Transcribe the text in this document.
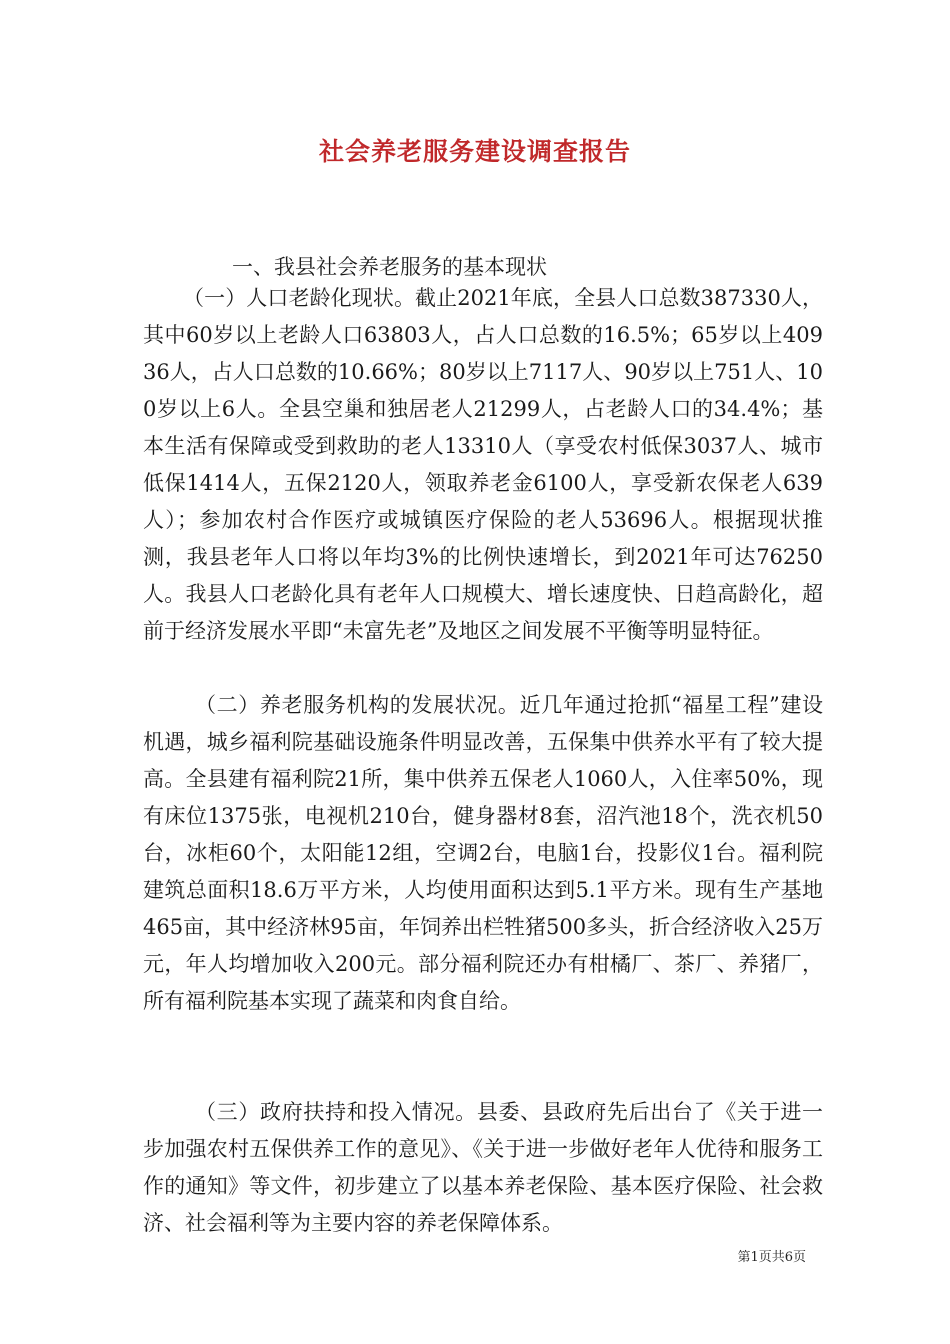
社会养老服务建设调查报告
一、我县社会养老服务的基本现状

（一）人口老龄化现状。截止2021年底，全县人口总数387330人，其中60岁以上老龄人口63803人，占人口总数的16.5%；65岁以上40936人，占人口总数的10.66%；80岁以上7117人、90岁以上751人、100岁以上6人。全县空巢和独居老人21299人，占老龄人口的34.4%；基本生活有保障或受到救助的老人13310人（享受农村低保3037人、城市低保1414人，五保2120人，领取养老金6100人，享受新农保老人639人）；参加农村合作医疗或城镇医疗保险的老人53696人。根据现状推测，我县老年人口将以年均3%的比例快速增长，到2021年可达76250人。我县人口老龄化具有老年人口规模大、增长速度快、日趋高龄化，超前于经济发展水平即“未富先老”及地区之间发展不平衡等明显特征。

（二）养老服务机构的发展状况。近几年通过抢抓“福星工程”建设机遇，城乡福利院基础设施条件明显改善，五保集中供养水平有了较大提高。全县建有福利院21所，集中供养五保老人1060人，入住率50%，现有床位1375张，电视机210台，健身器材8套，沼汽池18个，洗衣机50台，冰柜60个，太阳能12组，空调2台，电脑1台，投影仪1台。福利院建筑总面积18.6万平方米，人均使用面积达到5.1平方米。现有生产基地465亩，其中经济林95亩，年饲养出栏牲猪500多头，折合经济收入25万元，年人均增加收入200元。部分福利院还办有柑橘厂、茶厂、养猪厂，所有福利院基本实现了蔬菜和肉食自给。

（三）政府扶持和投入情况。县委、县政府先后出台了《关于进一步加强农村五保供养工作的意见》、《关于进一步做好老年人优待和服务工作的通知》等文件，初步建立了以基本养老保险、基本医疗保险、社会救济、社会福利等为主要内容的养老保障体系。

第1页共6页
